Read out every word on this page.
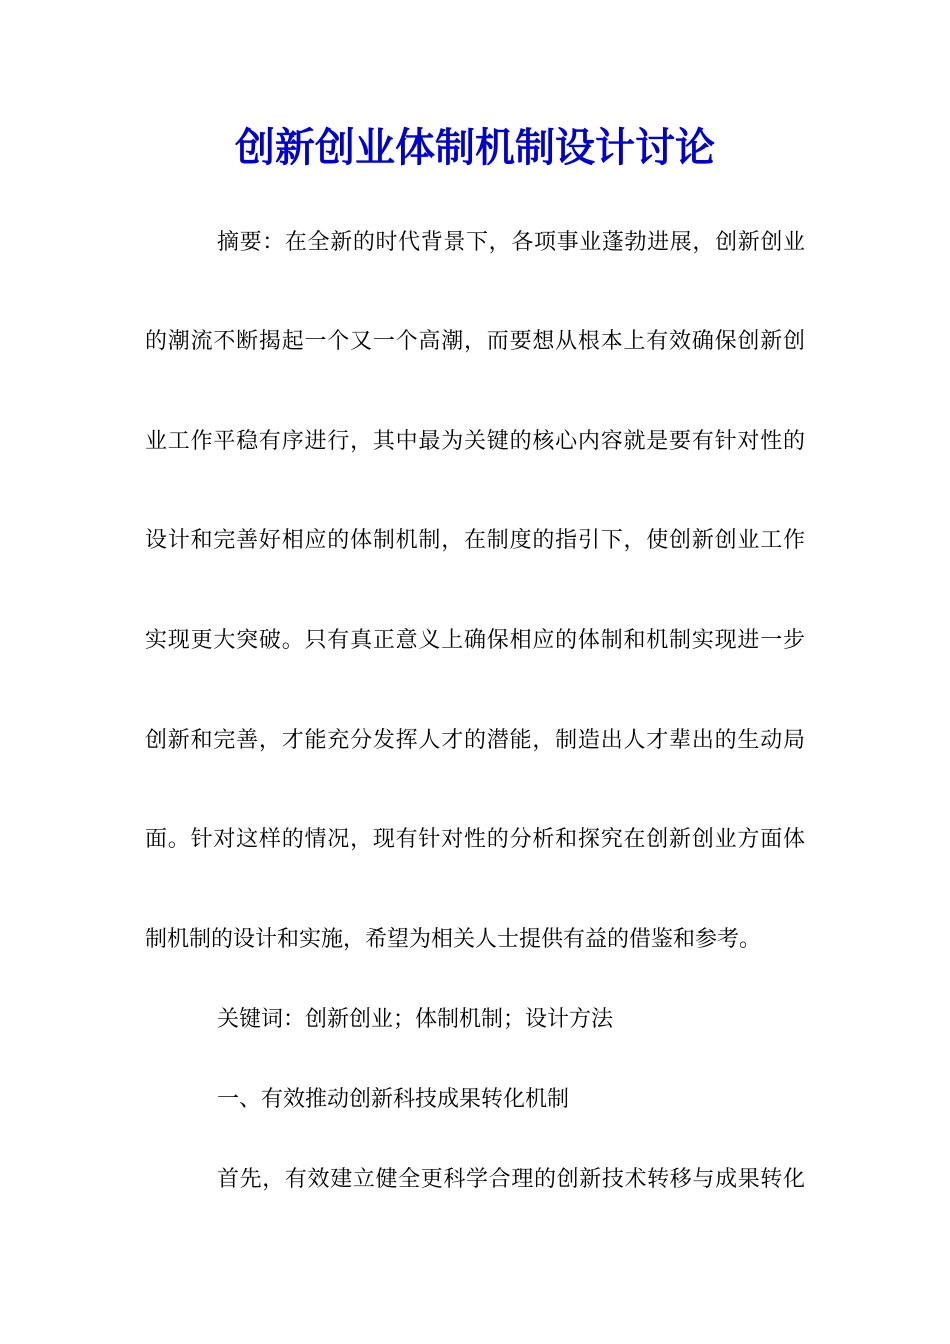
创新创业体制机制设计讨论

摘要：在全新的时代背景下，各项事业蓬勃进展，创新创业

的潮流不断揭起一个又一个高潮，而要想从根本上有效确保创新创

业工作平稳有序进行，其中最为关键的核心内容就是要有针对性的

设计和完善好相应的体制机制，在制度的指引下，使创新创业工作

实现更大突破。只有真正意义上确保相应的体制和机制实现进一步

创新和完善，才能充分发挥人才的潜能，制造出人才辈出的生动局

面。针对这样的情况，现有针对性的分析和探究在创新创业方面体

制机制的设计和实施，希望为相关人士提供有益的借鉴和参考。

关键词：创新创业；体制机制；设计方法

一、有效推动创新科技成果转化机制

首先，有效建立健全更科学合理的创新技术转移与成果转化
